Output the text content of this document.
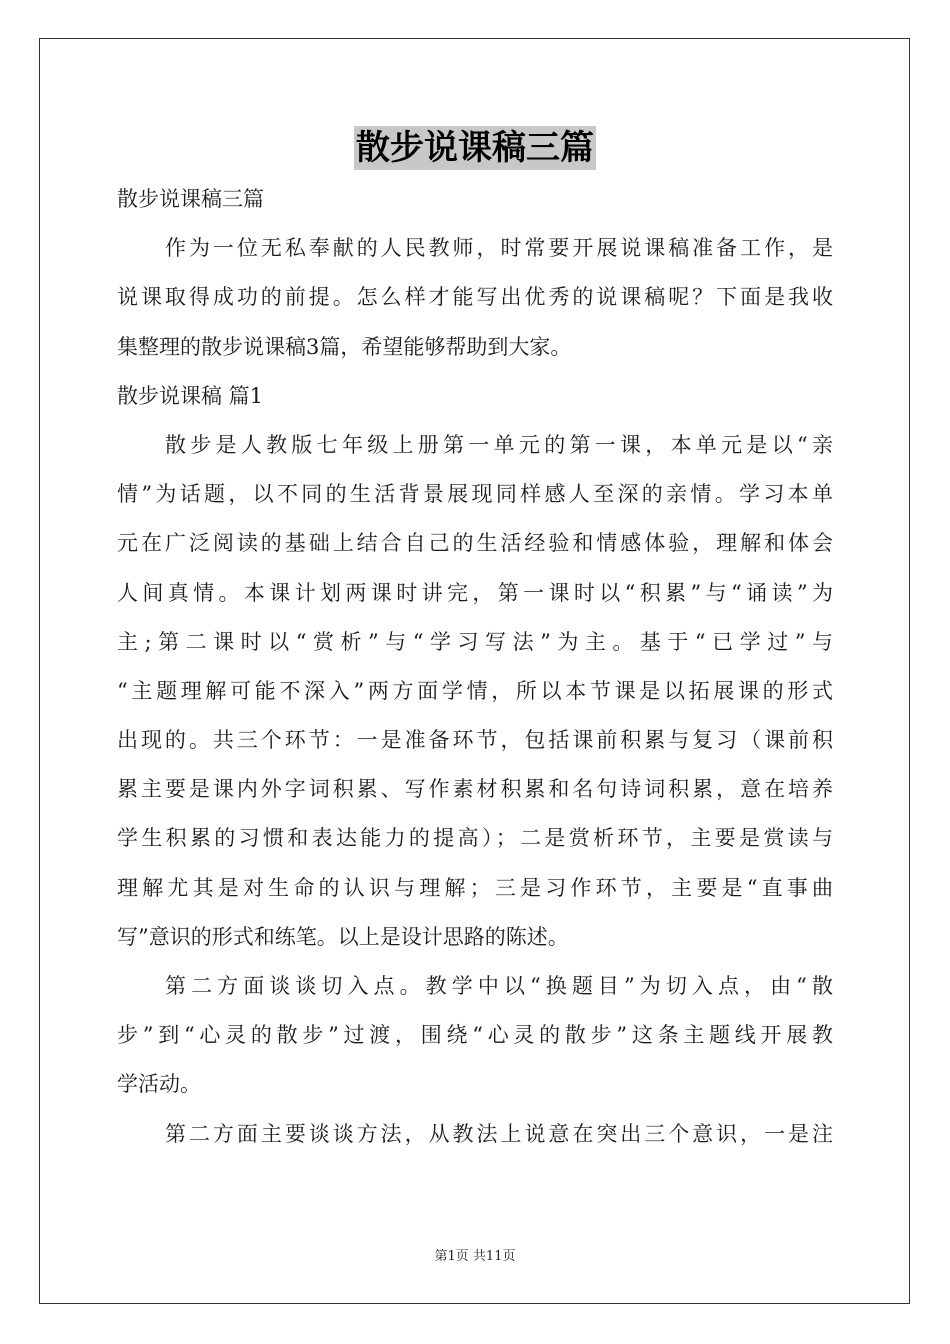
散步说课稿三篇
散步说课稿三篇
作为一位无私奉献的人民教师，时常要开展说课稿准备工作，是
说课取得成功的前提。怎么样才能写出优秀的说课稿呢？下面是我收
集整理的散步说课稿3篇，希望能够帮助到大家。
散步说课稿 篇1
散步是人教版七年级上册第一单元的第一课，本单元是以“亲
情”为话题，以不同的生活背景展现同样感人至深的亲情。学习本单
元在广泛阅读的基础上结合自己的生活经验和情感体验，理解和体会
人间真情。本课计划两课时讲完，第一课时以“积累”与“诵读”为
主;第二课时以“赏析”与“学习写法”为主。基于“已学过”与
“主题理解可能不深入”两方面学情，所以本节课是以拓展课的形式
出现的。共三个环节：一是准备环节，包括课前积累与复习（课前积
累主要是课内外字词积累、写作素材积累和名句诗词积累，意在培养
学生积累的习惯和表达能力的提高）；二是赏析环节，主要是赏读与
理解尤其是对生命的认识与理解；三是习作环节，主要是“直事曲
写”意识的形式和练笔。以上是设计思路的陈述。
第二方面谈谈切入点。教学中以“换题目”为切入点，由“散
步”到“心灵的散步”过渡，围绕“心灵的散步”这条主题线开展教
学活动。
第二方面主要谈谈方法，从教法上说意在突出三个意识，一是注
第1页 共11页
